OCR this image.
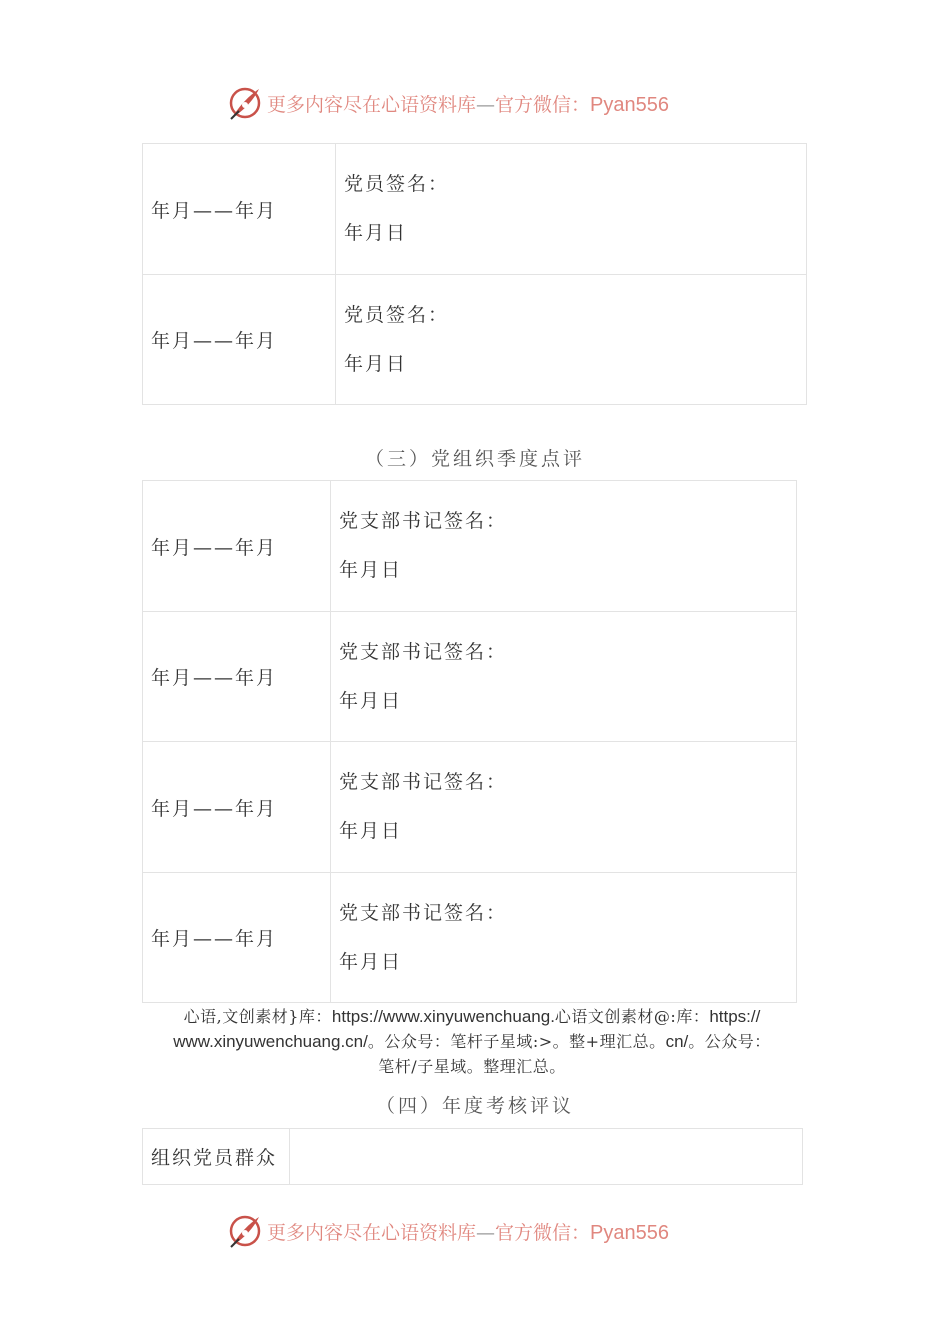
更多内容尽在心语资料库—官方微信：Pyan556
年月——年月	党员签名：
年月日

年月——年月	党员签名：
年月日
（三）党组织季度点评
年月——年月	党支部书记签名：
年月日

年月——年月	党支部书记签名：
年月日

年月——年月	党支部书记签名：
年月日

年月——年月	党支部书记签名：
年月日
心语,文创素材}库：https://www.xinyuwenchuang.心语文创素材@:库：https://
www.xinyuwenchuang.cn/。公众号：笔杆子星域:>。整+理汇总。cn/。公众号：
笔杆/子星域。整理汇总。
（四）年度考核评议
组织党员群众	
更多内容尽在心语资料库—官方微信：Pyan556
